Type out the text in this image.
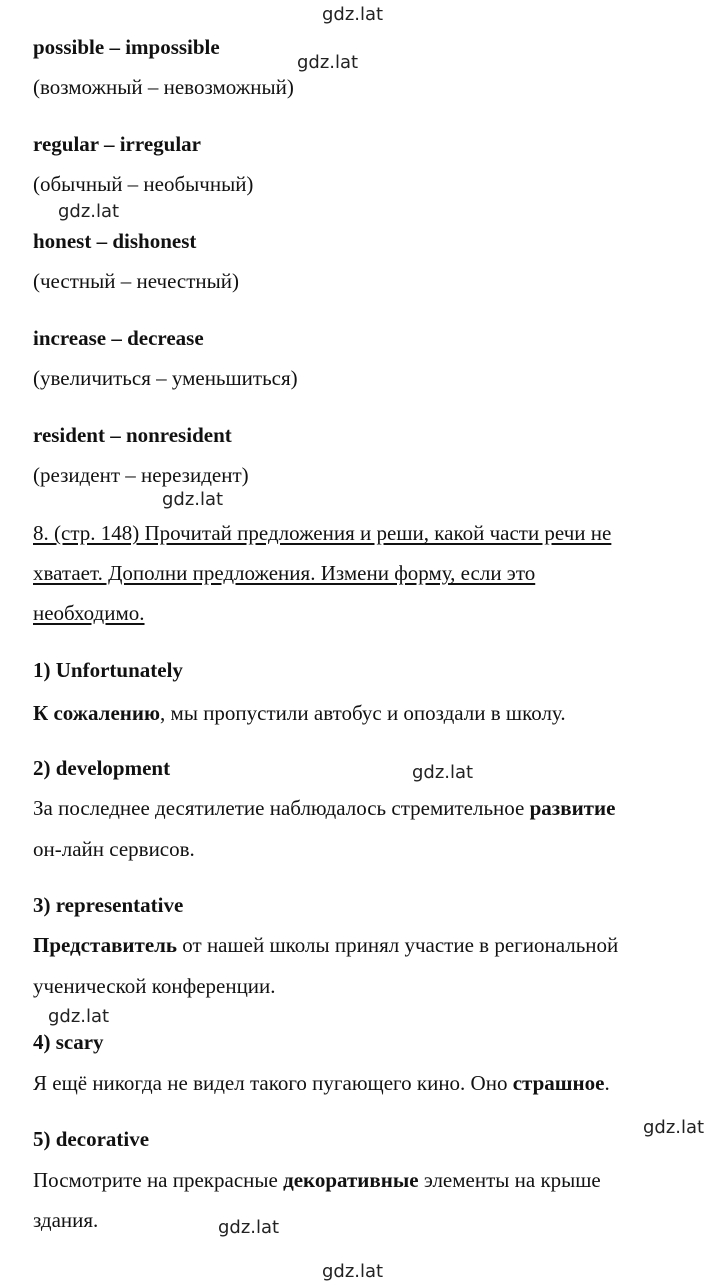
gdz.lat
gdz.lat
gdz.lat
gdz.lat
gdz.lat
gdz.lat
gdz.lat
gdz.lat
gdz.lat
possible – impossible
(возможный – невозможный)
regular – irregular
(обычный – необычный)
honest – dishonest
(честный – нечестный)
increase – decrease
(увеличиться – уменьшиться)
resident – nonresident
(резидент – нерезидент)
8. (стр. 148) Прочитай предложения и реши, какой части речи не
хватает. Дополни предложения. Измени форму, если это
необходимо.
1) Unfortunately
К сожалению, мы пропустили автобус и опоздали в школу.
2) development
За последнее десятилетие наблюдалось стремительное развитие
он-лайн сервисов.
3) representative
Представитель от нашей школы принял участие в региональной
ученической конференции.
4) scary
Я ещё никогда не видел такого пугающего кино. Оно страшное.
5) decorative
Посмотрите на прекрасные декоративные элементы на крыше
здания.
